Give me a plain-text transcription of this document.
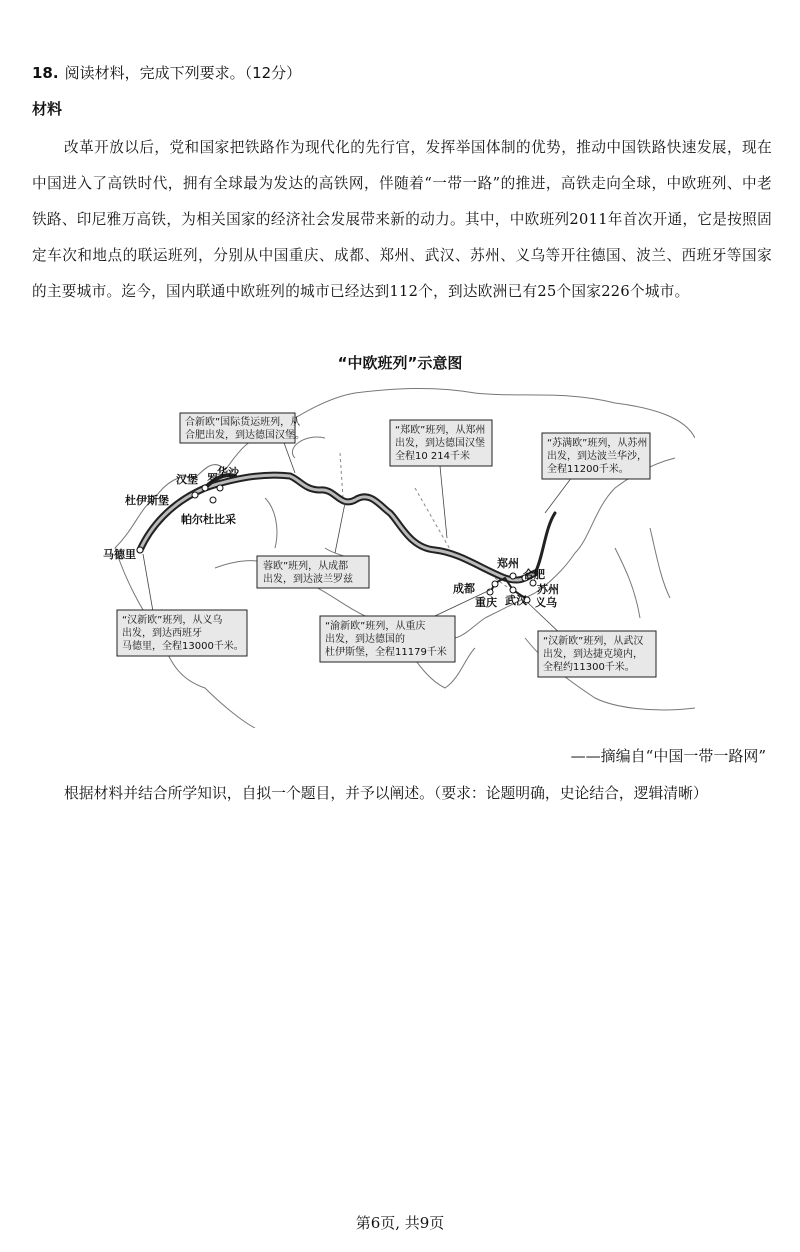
18. 阅读材料，完成下列要求。（12分）
材料
改革开放以后，党和国家把铁路作为现代化的先行官，发挥举国体制的优势，推动中国铁路快速发展，现在中国进入了高铁时代，拥有全球最为发达的高铁网，伴随着“一带一路”的推进，高铁走向全球，中欧班列、中老铁路、印尼雅万高铁，为相关国家的经济社会发展带来新的动力。其中，中欧班列2011年首次开通，它是按照固定车次和地点的联运班列，分别从中国重庆、成都、郑州、武汉、苏州、义乌等开往德国、波兰、西班牙等国家的主要城市。迄今，国内联通中欧班列的城市已经达到112个，到达欧洲已有25个国家226个城市。
“中欧班列”示意图
马德里
杜伊斯堡
汉堡 罗 华沙
帕尔杜比采
郑州
合肥
苏州
成都
重庆 武汉 义乌
合新欧”国际货运班列，从
合肥出发，到达德国汉堡。	“郑欧”班列，从郑州
出发，到达德国汉堡
全程10 214千米
“苏满欧”班列，从苏州
出发，到达波兰华沙，
全程11200千米。
蓉欧”班列，从成都
出发，到达波兰罗兹
“渝新欧”班列，从重庆
出发，到达德国的
杜伊斯堡，全程11179千米
“汉新欧”班列，从义乌
出发，到达西班牙
马德里，全程13000千米。	“汉新欧”班列，从武汉
出发，到达捷克境内，
全程约11300千米。
——摘编自“中国一带一路网”
根据材料并结合所学知识，自拟一个题目，并予以阐述。（要求：论题明确，史论结合，逻辑清晰）
第6页, 共9页
